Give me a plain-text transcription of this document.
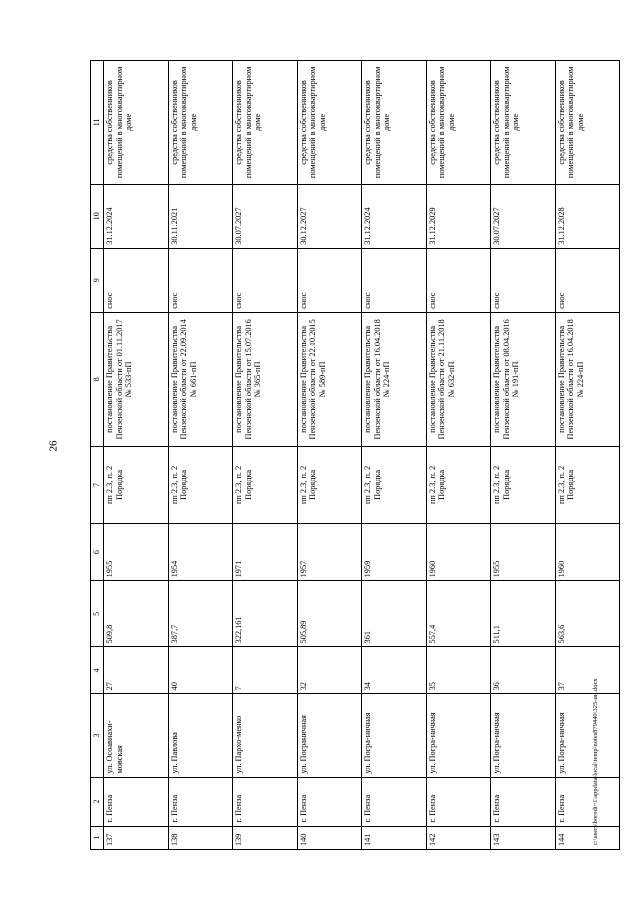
26
1	2	3	4	5	6	7	8	9	10	11
137	г. Пенза	ул. Осоавиахи-мовская	27	509,8	1955	пп 2.3, п. 2 Порядка	постановление Правительства Пензенской области от 01.11.2017 № 533-пП	снос	31.12.2024	средства собственников помещений в многоквартирном доме
138	г. Пенза	ул. Павлова	40	387,7	1954	пп 2.3, п. 2 Порядка	постановление Правительства Пензенской области от 22.09.2014 № 661-пП	снос	30.11.2021	средства собственников помещений в многоквартирном доме
139	г. Пенза	ул. Пархо-менко	7	322,161	1971	пп 2.3, п. 2 Порядка	постановление Правительства Пензенской области от 15.07.2016 № 365-пП	снос	30.07.2027	средства собственников помещений в многоквартирном доме
140	г. Пенза	ул. Пограничная	32	505,89	1957	пп 2.3, п. 2 Порядка	постановление Правительства Пензенской области от 22.10.2015 № 589-пП	снос	30.12.2027	средства собственников помещений в многоквартирном доме
141	г. Пенза	ул. Погра-ничная	34	361	1959	пп 2.3, п. 2 Порядка	постановление Правительства Пензенской области от 16.04.2018 № 224-пП	снос	31.12.2024	средства собственников помещений в многоквартирном доме
142	г. Пенза	ул. Погра-ничная	35	557,4	1960	пп 2.3, п. 2 Порядка	постановление Правительства Пензенской области от 21.11.2018 № 632-пП	снос	31.12.2029	средства собственников помещений в многоквартирном доме
143	г. Пенза	ул. Погра-ничная	36	511,1	1955	пп 2.3, п. 2 Порядка	постановление Правительства Пензенской области от 08.04.2016 № 191-пП	снос	30.07.2027	средства собственников помещений в многоквартирном доме
144	г. Пенза	ул. Погра-ничная	37	563,6	1960	пп 2.3, п. 2 Порядка	постановление Правительства Пензенской области от 16.04.2018 № 224-пП	снос	31.12.2028	средства собственников помещений в многоквартирном доме
c:\users\borodi~1\appdata\local\temp\notes879440\325-ии.docx
